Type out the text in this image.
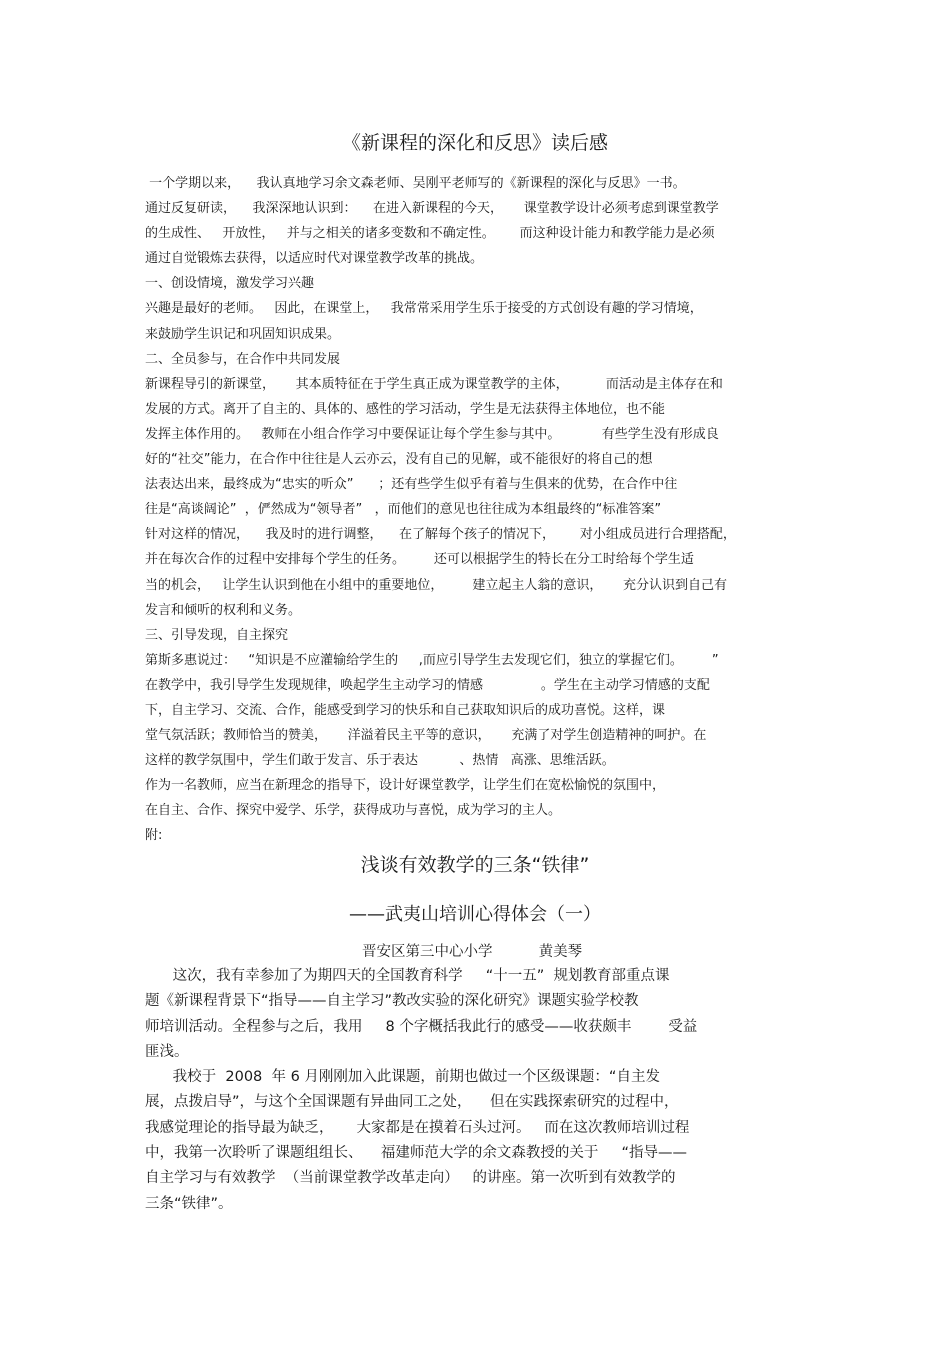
《新课程的深化和反思》读后感
一个学期以来，    我认真地学习余文森老师、吴刚平老师写的《新课程的深化与反思》一书。
通过反复研读，    我深深地认识到：    在进入新课程的今天，     课堂教学设计必须考虑到课堂教学
的生成性、   开放性，   并与之相关的诸多变数和不确定性。      而这种设计能力和教学能力是必须
通过自觉锻炼去获得，以适应时代对课堂教学改革的挑战。
一、创设情境，激发学习兴趣
兴趣是最好的老师。   因此，在课堂上，   我常常采用学生乐于接受的方式创设有趣的学习情境，
来鼓励学生识记和巩固知识成果。
二、全员参与，在合作中共同发展
新课程导引的新课堂，     其本质特征在于学生真正成为课堂教学的主体，         而活动是主体存在和
发展的方式。离开了自主的、具体的、感性的学习活动，学生是无法获得主体地位，也不能
发挥主体作用的。   教师在小组合作学习中要保证让每个学生参与其中。          有些学生没有形成良
好的“社交”能力，在合作中往往是人云亦云，没有自己的见解，或不能很好的将自己的想
法表达出来，最终成为“忠实的听众”      ；还有些学生似乎有着与生俱来的优势，在合作中往
往是“高谈阔论”  ，俨然成为“领导者”   ，而他们的意见也往往成为本组最终的“标准答案”
针对这样的情况，    我及时的进行调整，    在了解每个孩子的情况下，      对小组成员进行合理搭配，
并在每次合作的过程中安排每个学生的任务。       还可以根据学生的特长在分工时给每个学生适
当的机会，   让学生认识到他在小组中的重要地位，       建立起主人翁的意识，     充分认识到自己有
发言和倾听的权利和义务。
三、引导发现，自主探究
第斯多惠说过：   “知识是不应灌输给学生的     ,而应引导学生去发现它们，独立的掌握它们。       ”
在教学中，我引导学生发现规律，唤起学生主动学习的情感              。学生在主动学习情感的支配
下，自主学习、交流、合作，能感受到学习的快乐和自己获取知识后的成功喜悦。这样，课
堂气氛活跃；教师恰当的赞美，     洋溢着民主平等的意识，     充满了对学生创造精神的呵护。在
这样的教学氛围中，学生们敢于发言、乐于表达          、热情   高涨、思维活跃。
作为一名教师，应当在新理念的指导下，设计好课堂教学，让学生们在宽松愉悦的氛围中，
在自主、合作、探究中爱学、乐学，获得成功与喜悦，成为学习的主人。
附:
浅谈有效教学的三条“铁律”
——武夷山培训心得体会（一）
晋安区第三中心小学          黄美琴
这次，我有幸参加了为期四天的全国教育科学     “十一五”  规划教育部重点课
题《新课程背景下“指导——自主学习”教改实验的深化研究》课题实验学校教
师培训活动。全程参与之后，我用     8 个字概括我此行的感受——收获颇丰        受益
匪浅。
我校于  2008  年 6 月刚刚加入此课题，前期也做过一个区级课题：“自主发
展，点拨启导”，与这个全国课题有异曲同工之处，    但在实践探索研究的过程中，
我感觉理论的指导最为缺乏，     大家都是在摸着石头过河。   而在这次教师培训过程
中，我第一次聆听了课题组组长、    福建师范大学的余文森教授的关于     “指导——
自主学习与有效教学  （当前课堂教学改革走向）   的讲座。第一次听到有效教学的
三条“铁律”。
